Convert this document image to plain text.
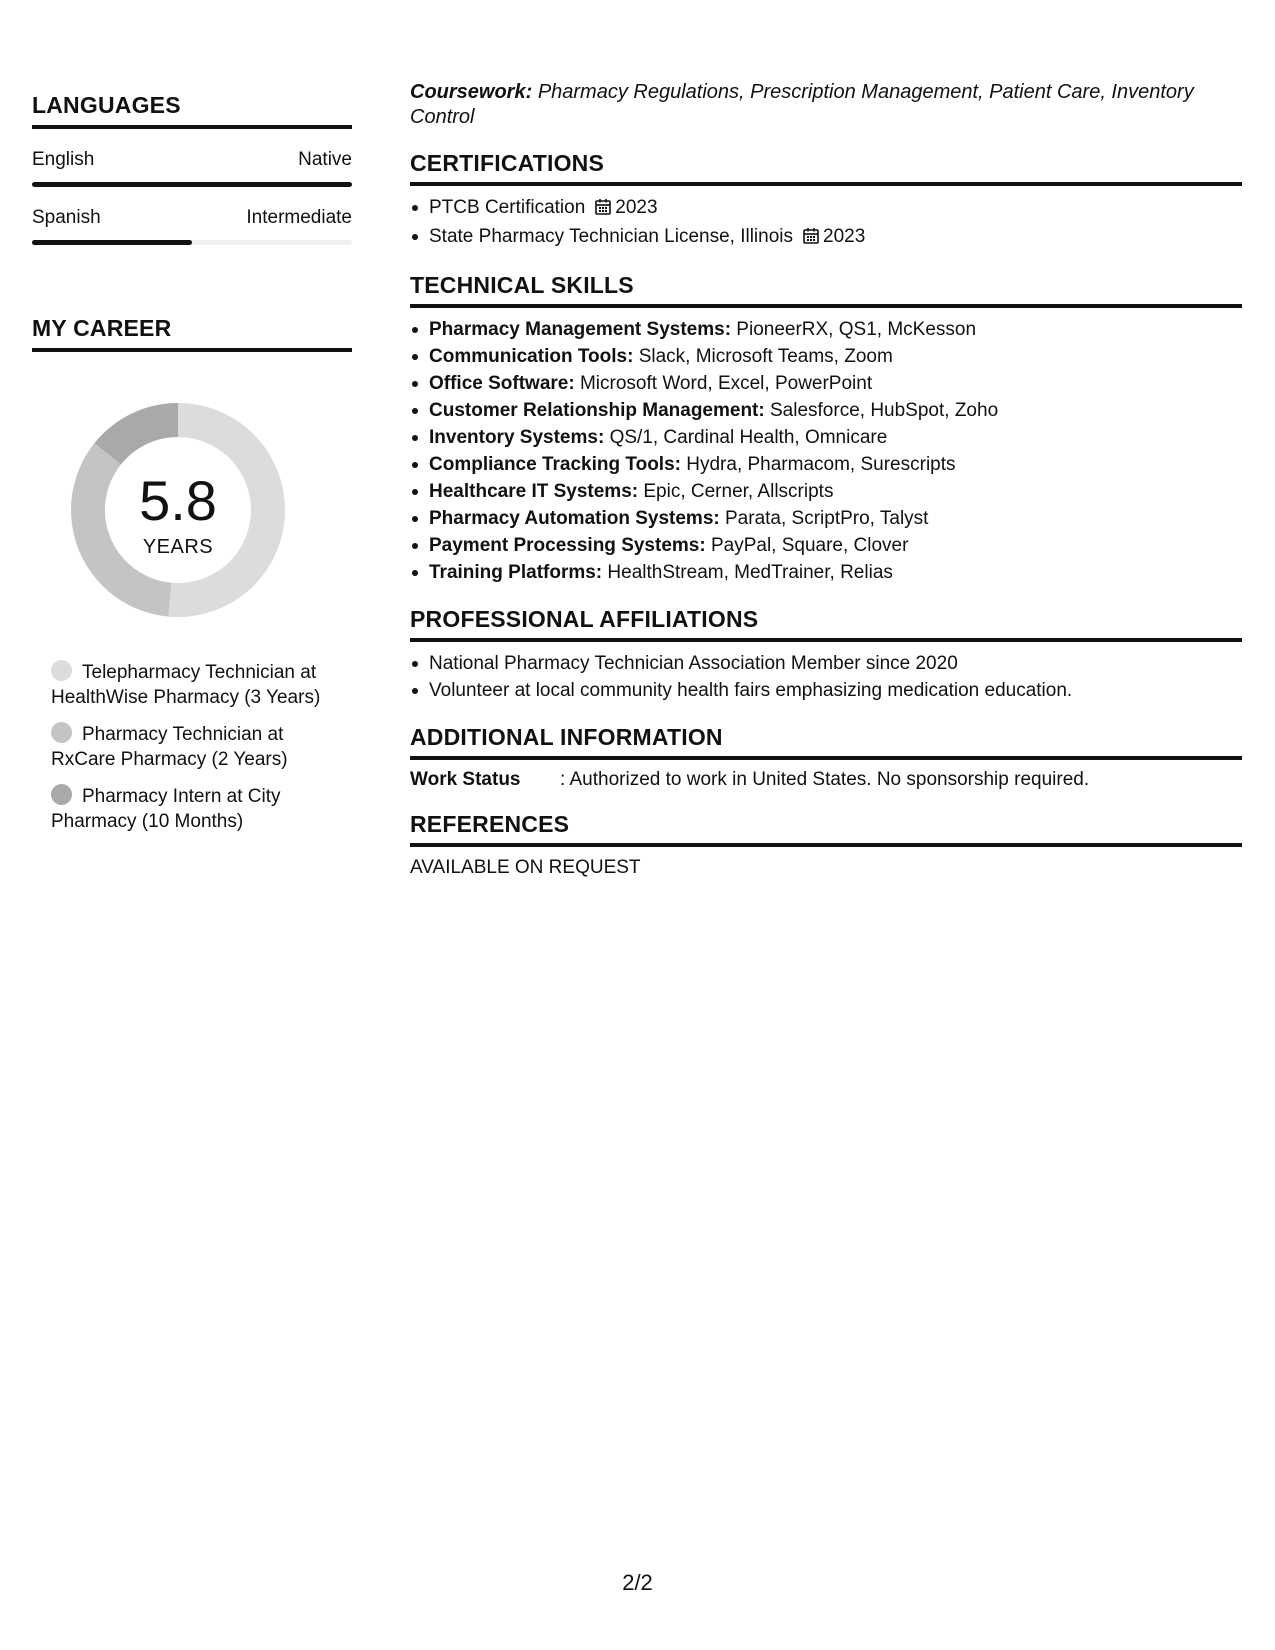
LANGUAGES
English	Native
Spanish	Intermediate
MY CAREER
5.8
YEARS
Telepharmacy Technician at HealthWise Pharmacy (3 Years)
Pharmacy Technician at RxCare Pharmacy (2 Years)
Pharmacy Intern at City Pharmacy (10 Months)
Coursework: Pharmacy Regulations, Prescription Management, Patient Care, Inventory Control
CERTIFICATIONS
PTCB Certification 2023
State Pharmacy Technician License, Illinois 2023
TECHNICAL SKILLS
Pharmacy Management Systems: PioneerRX, QS1, McKesson
Communication Tools: Slack, Microsoft Teams, Zoom
Office Software: Microsoft Word, Excel, PowerPoint
Customer Relationship Management: Salesforce, HubSpot, Zoho
Inventory Systems: QS/1, Cardinal Health, Omnicare
Compliance Tracking Tools: Hydra, Pharmacom, Surescripts
Healthcare IT Systems: Epic, Cerner, Allscripts
Pharmacy Automation Systems: Parata, ScriptPro, Talyst
Payment Processing Systems: PayPal, Square, Clover
Training Platforms: HealthStream, MedTrainer, Relias
PROFESSIONAL AFFILIATIONS
National Pharmacy Technician Association Member since 2020
Volunteer at local community health fairs emphasizing medication education.
ADDITIONAL INFORMATION
Work Status	: Authorized to work in United States. No sponsorship required.
REFERENCES
AVAILABLE ON REQUEST
2/2
